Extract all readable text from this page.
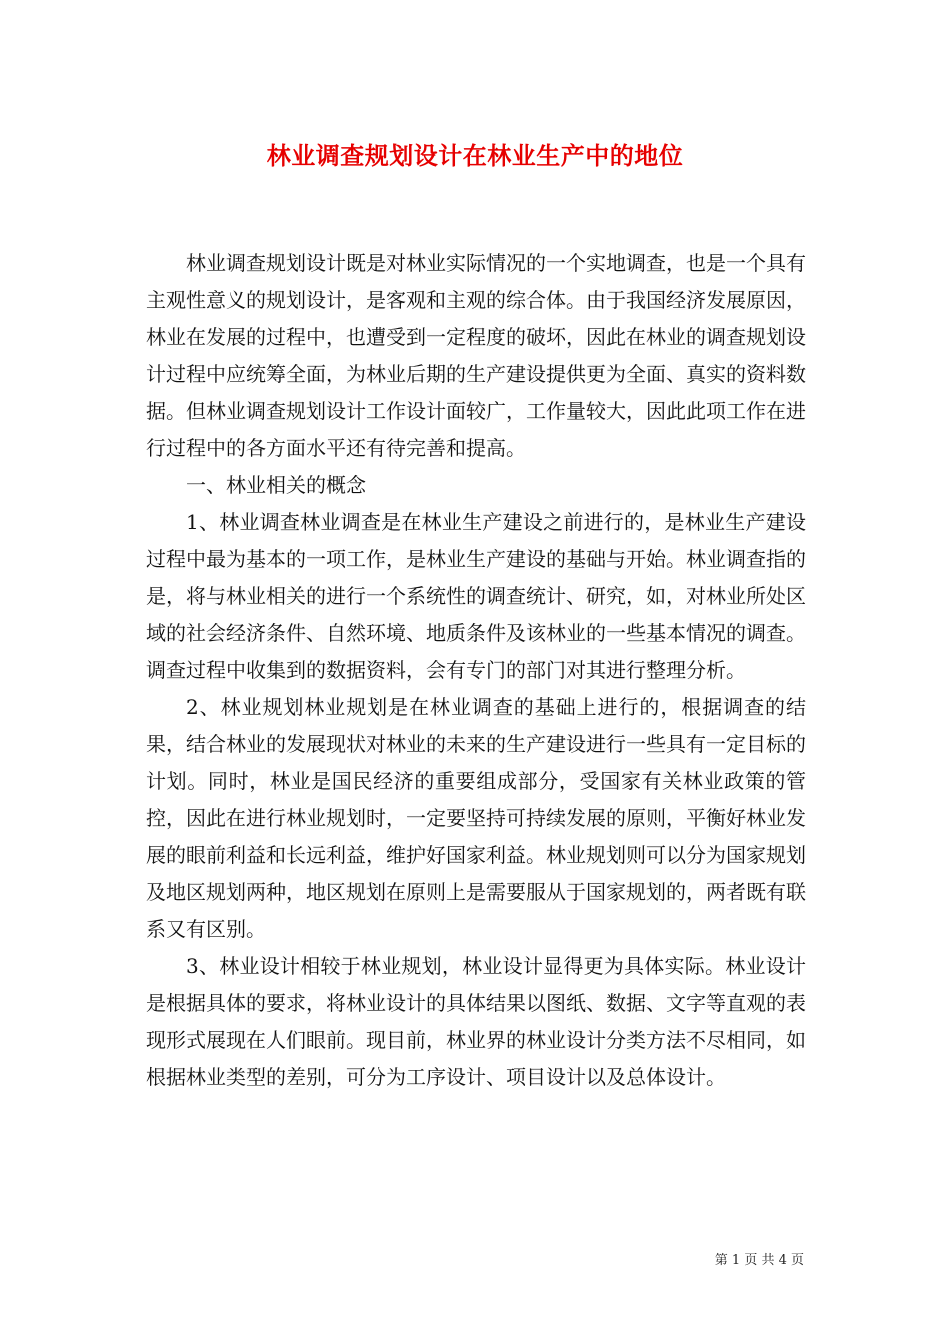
林业调查规划设计在林业生产中的地位

林业调查规划设计既是对林业实际情况的一个实地调查，也是一个具有主观性意义的规划设计，是客观和主观的综合体。由于我国经济发展原因，林业在发展的过程中，也遭受到一定程度的破坏，因此在林业的调查规划设计过程中应统筹全面，为林业后期的生产建设提供更为全面、真实的资料数据。但林业调查规划设计工作设计面较广，工作量较大，因此此项工作在进行过程中的各方面水平还有待完善和提高。

一、林业相关的概念

1、林业调查林业调查是在林业生产建设之前进行的，是林业生产建设过程中最为基本的一项工作，是林业生产建设的基础与开始。林业调查指的是，将与林业相关的进行一个系统性的调查统计、研究，如，对林业所处区域的社会经济条件、自然环境、地质条件及该林业的一些基本情况的调查。调查过程中收集到的数据资料，会有专门的部门对其进行整理分析。

2、林业规划林业规划是在林业调查的基础上进行的，根据调查的结果，结合林业的发展现状对林业的未来的生产建设进行一些具有一定目标的计划。同时，林业是国民经济的重要组成部分，受国家有关林业政策的管控，因此在进行林业规划时，一定要坚持可持续发展的原则，平衡好林业发展的眼前利益和长远利益，维护好国家利益。林业规划则可以分为国家规划及地区规划两种，地区规划在原则上是需要服从于国家规划的，两者既有联系又有区别。

3、林业设计相较于林业规划，林业设计显得更为具体实际。林业设计是根据具体的要求，将林业设计的具体结果以图纸、数据、文字等直观的表现形式展现在人们眼前。现目前，林业界的林业设计分类方法不尽相同，如根据林业类型的差别，可分为工序设计、项目设计以及总体设计。

第 1 页 共 4 页
